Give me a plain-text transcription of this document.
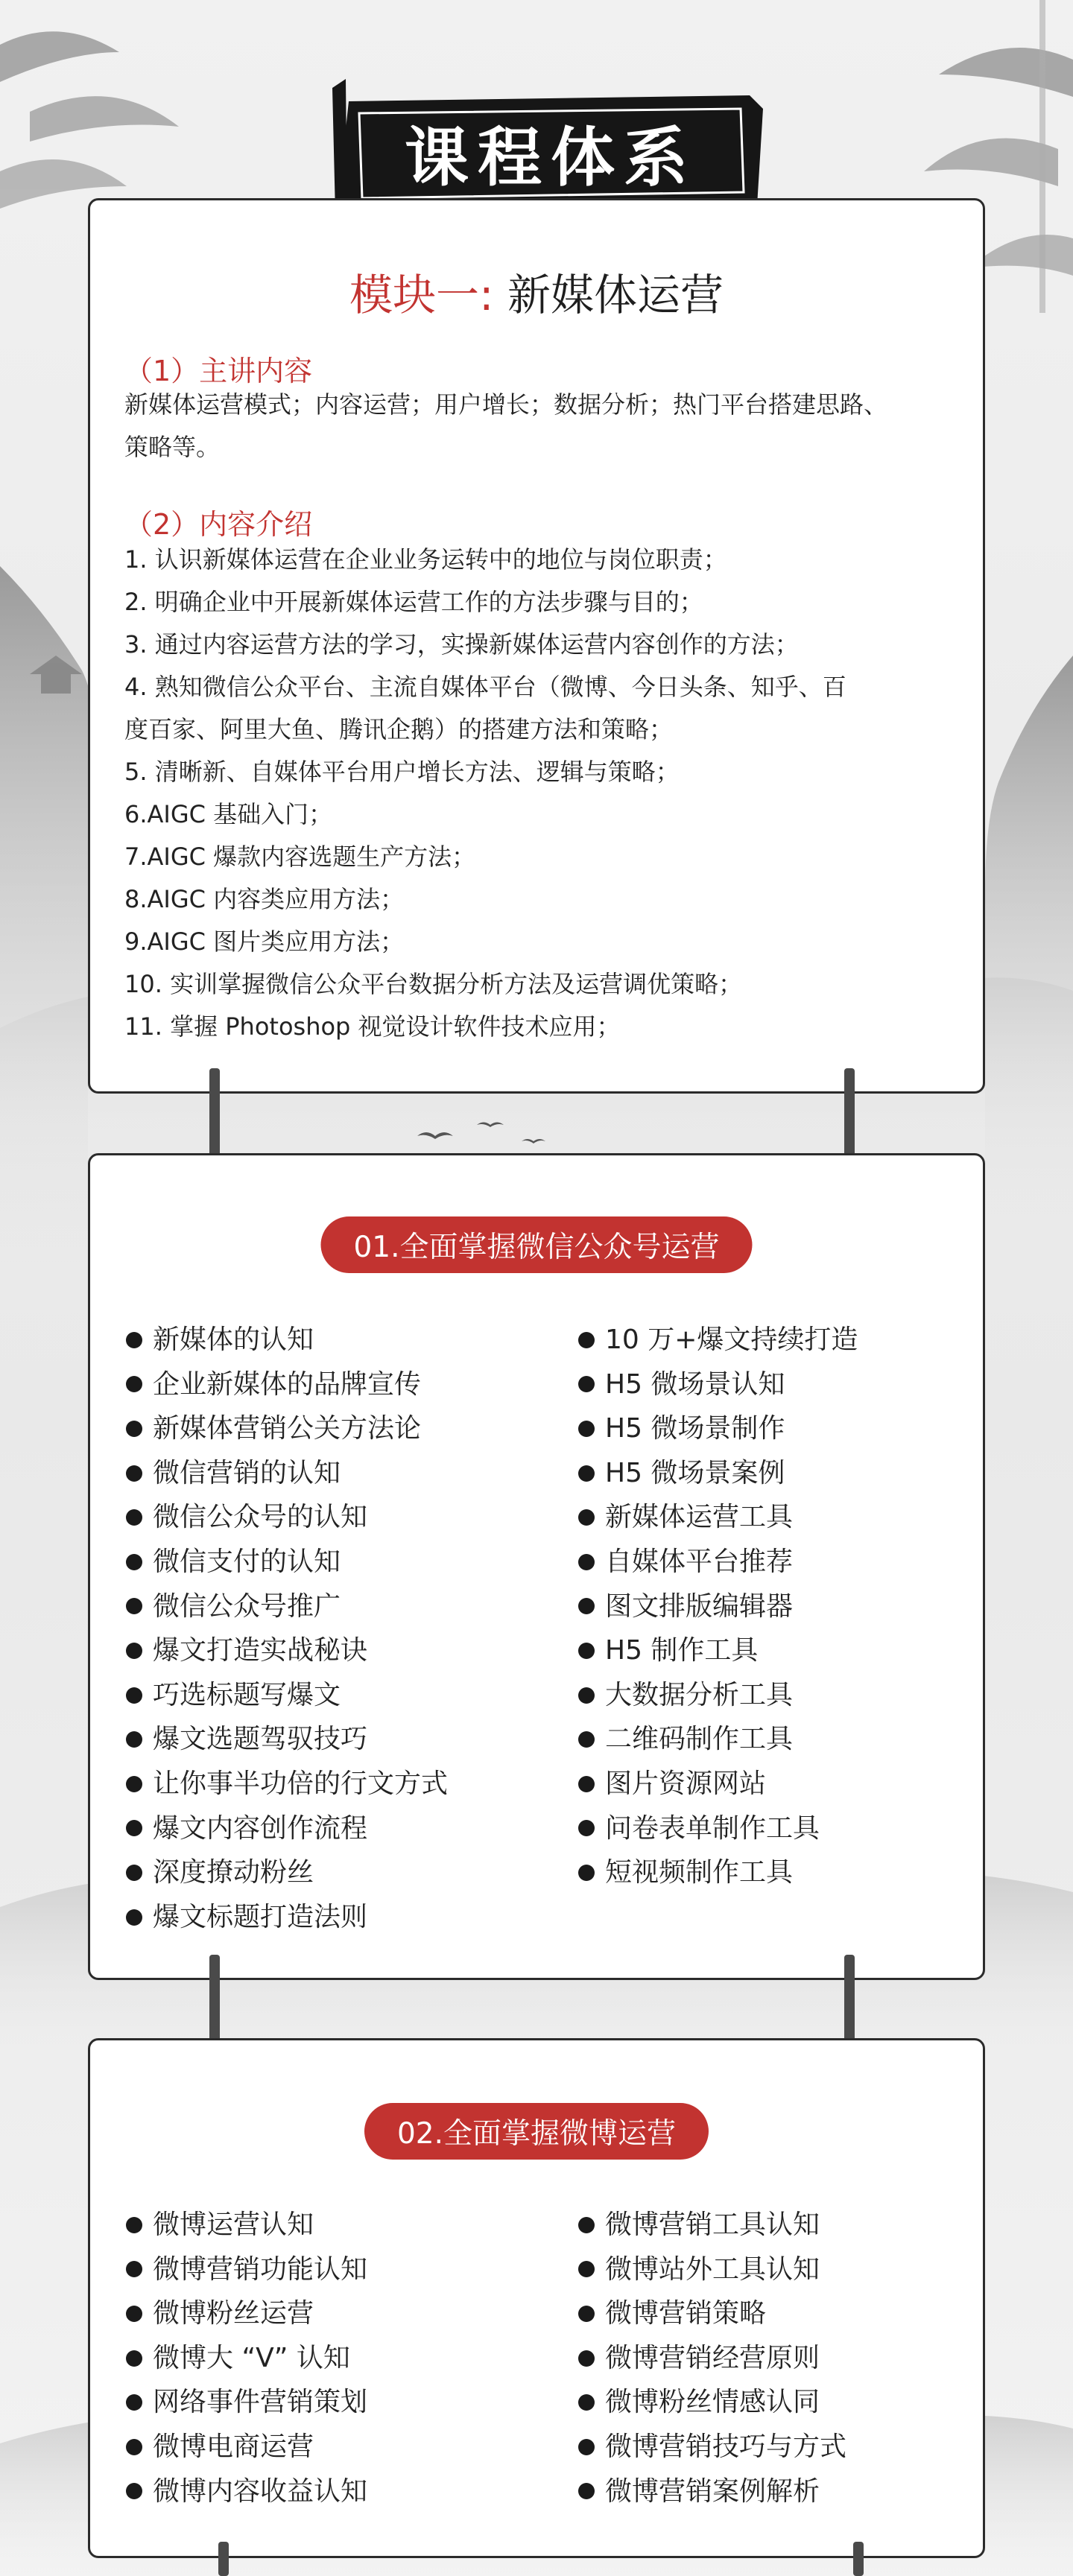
课程体系
模块一: 新媒体运营
（1）主讲内容

新媒体运营模式；内容运营；用户增长；数据分析；热门平台搭建思路、
策略等。

（2）内容介绍

1. 认识新媒体运营在企业业务运转中的地位与岗位职责；
2. 明确企业中开展新媒体运营工作的方法步骤与目的；
3. 通过内容运营方法的学习，实操新媒体运营内容创作的方法；
4. 熟知微信公众平台、主流自媒体平台（微博、今日头条、知乎、百
度百家、阿里大鱼、腾讯企鹅）的搭建方法和策略；
5. 清晰新、自媒体平台用户增长方法、逻辑与策略；
6.AIGC 基础入门；
7.AIGC 爆款内容选题生产方法；
8.AIGC 内容类应用方法；
9.AIGC 图片类应用方法；
10. 实训掌握微信公众平台数据分析方法及运营调优策略；
11. 掌握 Photoshop 视觉设计软件技术应用；

01.全面掌握微信公众号运营
新媒体的认知
企业新媒体的品牌宣传
新媒体营销公关方法论
微信营销的认知
微信公众号的认知
微信支付的认知
微信公众号推广
爆文打造实战秘诀
巧选标题写爆文
爆文选题驾驭技巧
让你事半功倍的行文方式
爆文内容创作流程
深度撩动粉丝
爆文标题打造法则
10 万+爆文持续打造
H5 微场景认知
H5 微场景制作
H5 微场景案例
新媒体运营工具
自媒体平台推荐
图文排版编辑器
H5 制作工具
大数据分析工具
二维码制作工具
图片资源网站
问卷表单制作工具
短视频制作工具
02.全面掌握微博运营
微博运营认知
微博营销功能认知
微博粉丝运营
微博大 “V” 认知
网络事件营销策划
微博电商运营
微博内容收益认知
微博营销工具认知
微博站外工具认知
微博营销策略
微博营销经营原则
微博粉丝情感认同
微博营销技巧与方式
微博营销案例解析
